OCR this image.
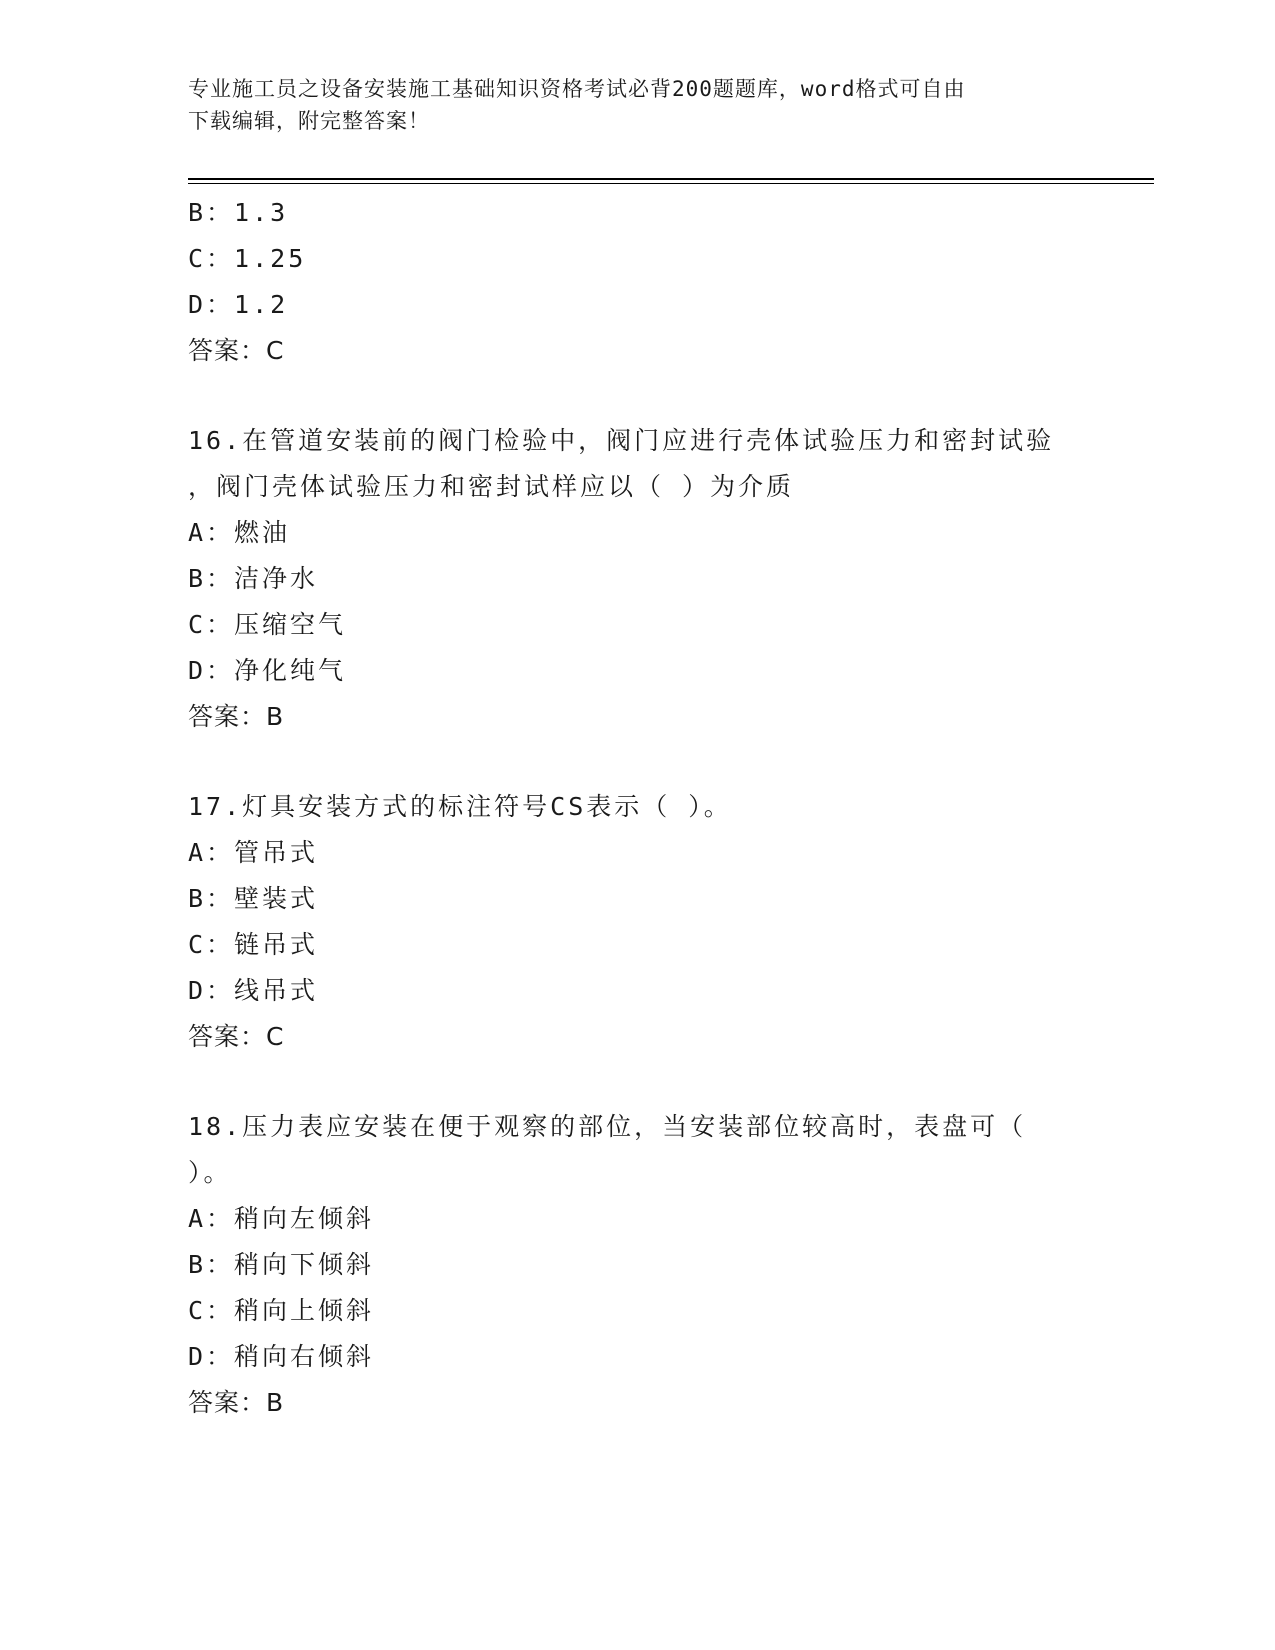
专业施工员之设备安装施工基础知识资格考试必背200题题库，word格式可自由
下载编辑，附完整答案！
B：1.3
C：1.25
D：1.2
答案：C
16.在管道安装前的阀门检验中，阀门应进行壳体试验压力和密封试验
，阀门壳体试验压力和密封试样应以（ ）为介质
A：燃油
B：洁净水
C：压缩空气
D：净化纯气
答案：B
17.灯具安装方式的标注符号CS表示（ ）。
A：管吊式
B：壁装式
C：链吊式
D：线吊式
答案：C
18.压力表应安装在便于观察的部位，当安装部位较高时，表盘可（
）。
A：稍向左倾斜
B：稍向下倾斜
C：稍向上倾斜
D：稍向右倾斜
答案：B
